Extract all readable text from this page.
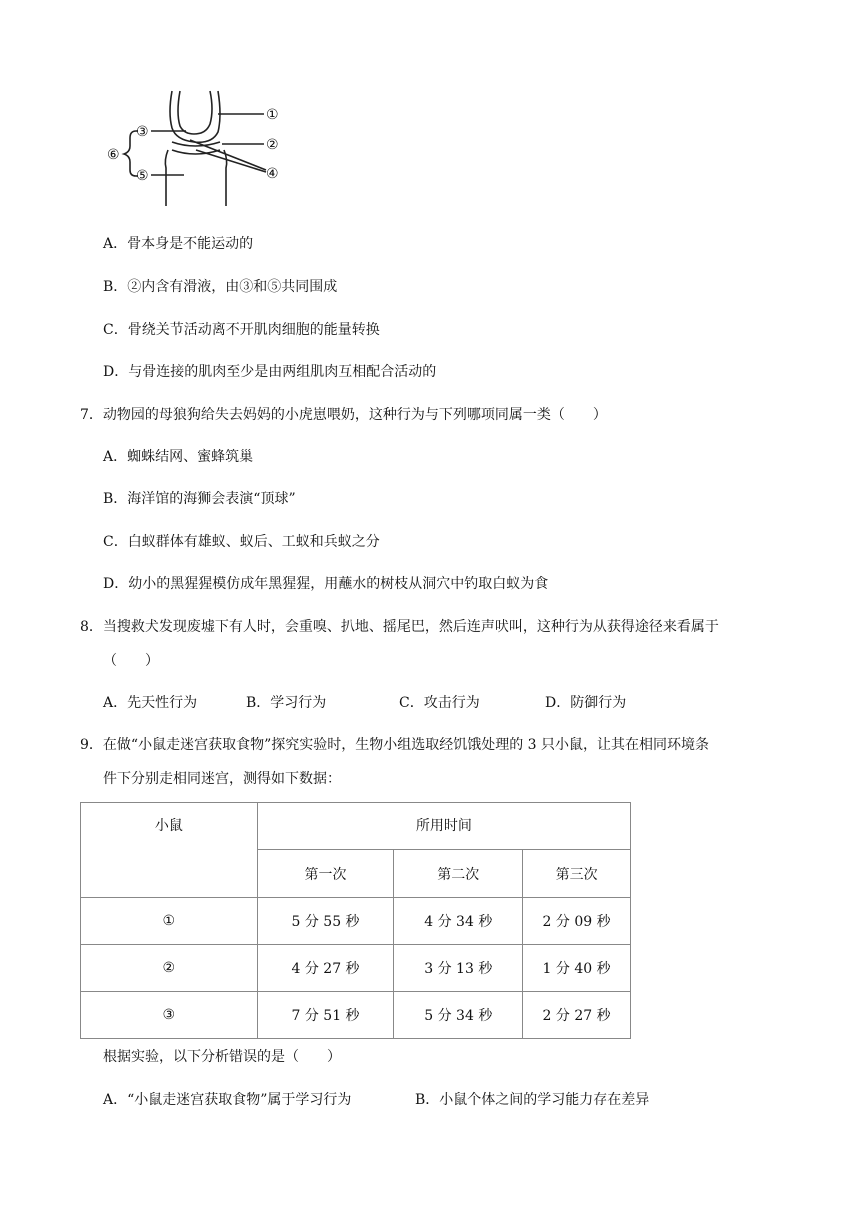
①
②
④
③
⑤
⑥
A．骨本身是不能运动的
B．②内含有滑液，由③和⑤共同围成
C．骨绕关节活动离不开肌肉细胞的能量转换
D．与骨连接的肌肉至少是由两组肌肉互相配合活动的
7．动物园的母狼狗给失去妈妈的小虎崽喂奶，这种行为与下列哪项同属一类（　　）
A．蜘蛛结网、蜜蜂筑巢
B．海洋馆的海狮会表演“顶球”
C．白蚁群体有雄蚁、蚁后、工蚁和兵蚁之分
D．幼小的黑猩猩模仿成年黑猩猩，用蘸水的树枝从洞穴中钓取白蚁为食
8．当搜救犬发现废墟下有人时，会重嗅、扒地、摇尾巴，然后连声吠叫，这种行为从获得途径来看属于
（　　）
A．先天性行为	B．学习行为	C．攻击行为	D．防御行为
9．在做“小鼠走迷宫获取食物”探究实验时，生物小组选取经饥饿处理的 3 只小鼠，让其在相同环境条
件下分别走相同迷宫，测得如下数据：
小鼠	所用时间		
	第一次	第二次	第三次
①	5 分 55 秒	4 分 34 秒	2 分 09 秒
②	4 分 27 秒	3 分 13 秒	1 分 40 秒
③	7 分 51 秒	5 分 34 秒	2 分 27 秒
根据实验，以下分析错误的是（　　）
A．“小鼠走迷宫获取食物”属于学习行为	B．小鼠个体之间的学习能力存在差异
